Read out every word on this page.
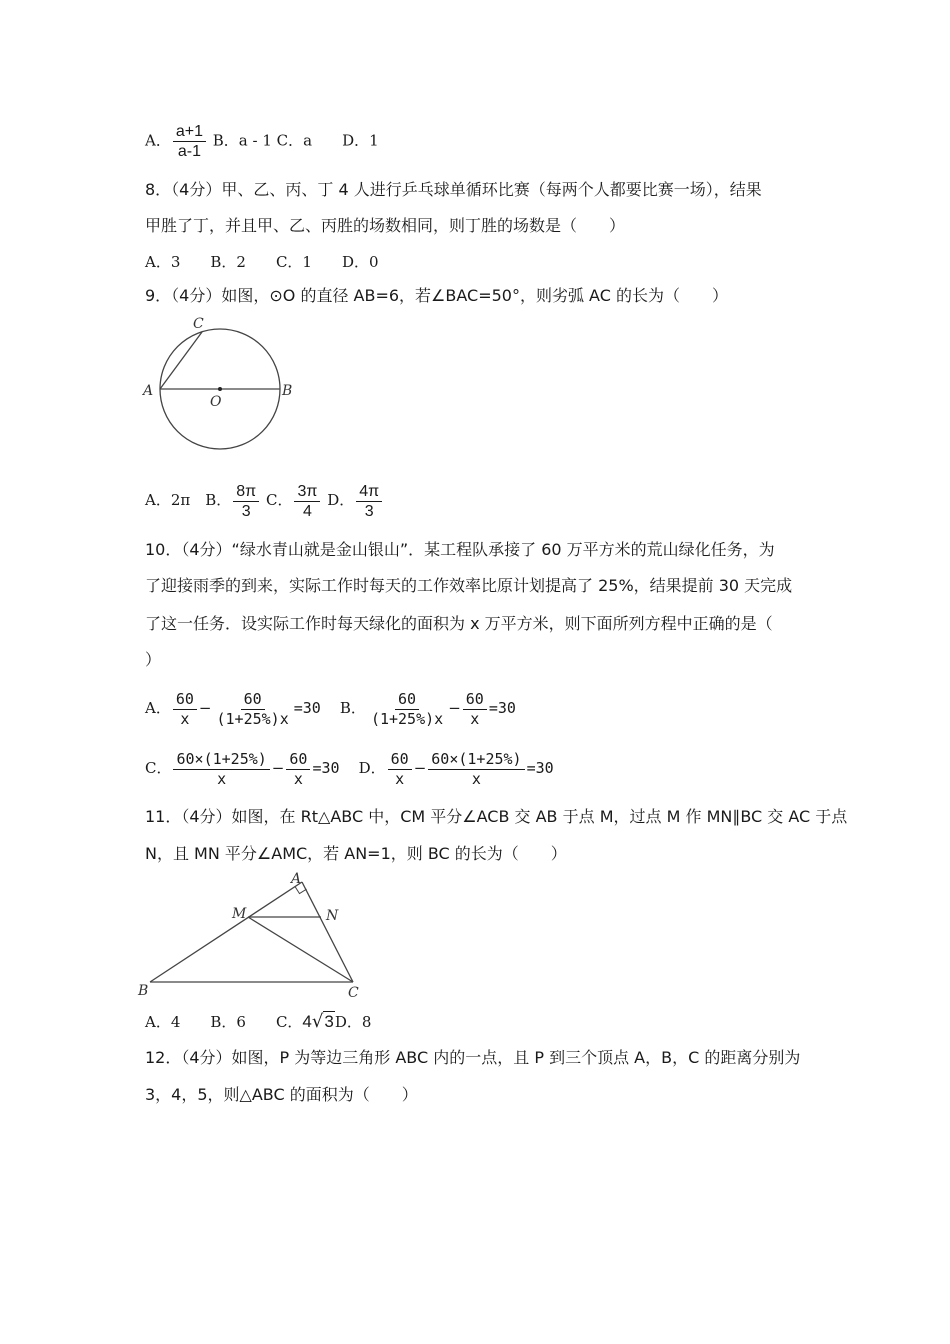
A． $\frac{a+1}{a-1}$ B．a - 1 C．a　　D．1
8．（4分）甲、乙、丙、丁 4 人进行乒乓球单循环比赛（每两个人都要比赛一场），结果
甲胜了丁，并且甲、乙、丙胜的场数相同，则丁胜的场数是（　　）
A．3　　B．2　　C．1　　D．0
9．（4分）如图，⊙O 的直径 AB=6，若∠BAC=50°，则劣弧 AC 的长为（　　）
A	B
C
O
A．2π　B． $\frac{8\pi}{3}$ C． $\frac{3\pi}{4}$ D． $\frac{4\pi}{3}$
10．（4分）“绿水青山就是金山银山”．某工程队承接了 60 万平方米的荒山绿化任务，为
了迎接雨季的到来，实际工作时每天的工作效率比原计划提高了 25%，结果提前 30 天完成
了这一任务．设实际工作时每天绿化的面积为 x 万平方米，则下面所列方程中正确的是（
）
A． $\frac{60}{x} - \frac{60}{(1+25\%)x} =30$ B． $\frac{60}{(1+25\%)x} - \frac{60}{x} =30$
C． $\frac{60\times(1+25\%)}{x} - \frac{60}{x} =30$ D． $\frac{60}{x} - \frac{60\times(1+25\%)}{x} =30$
11．（4分）如图，在 Rt△ABC 中，CM 平分∠ACB 交 AB 于点 M，过点 M 作 MN∥BC 交 AC 于点
N，且 MN 平分∠AMC，若 AN=1，则 BC 的长为（　　）
B	C
A
M	N
A．4　　B．6　　C．4√3D．8
12．（4分）如图，P 为等边三角形 ABC 内的一点，且 P 到三个顶点 A，B，C 的距离分别为
3，4，5，则△ABC 的面积为（　　）
